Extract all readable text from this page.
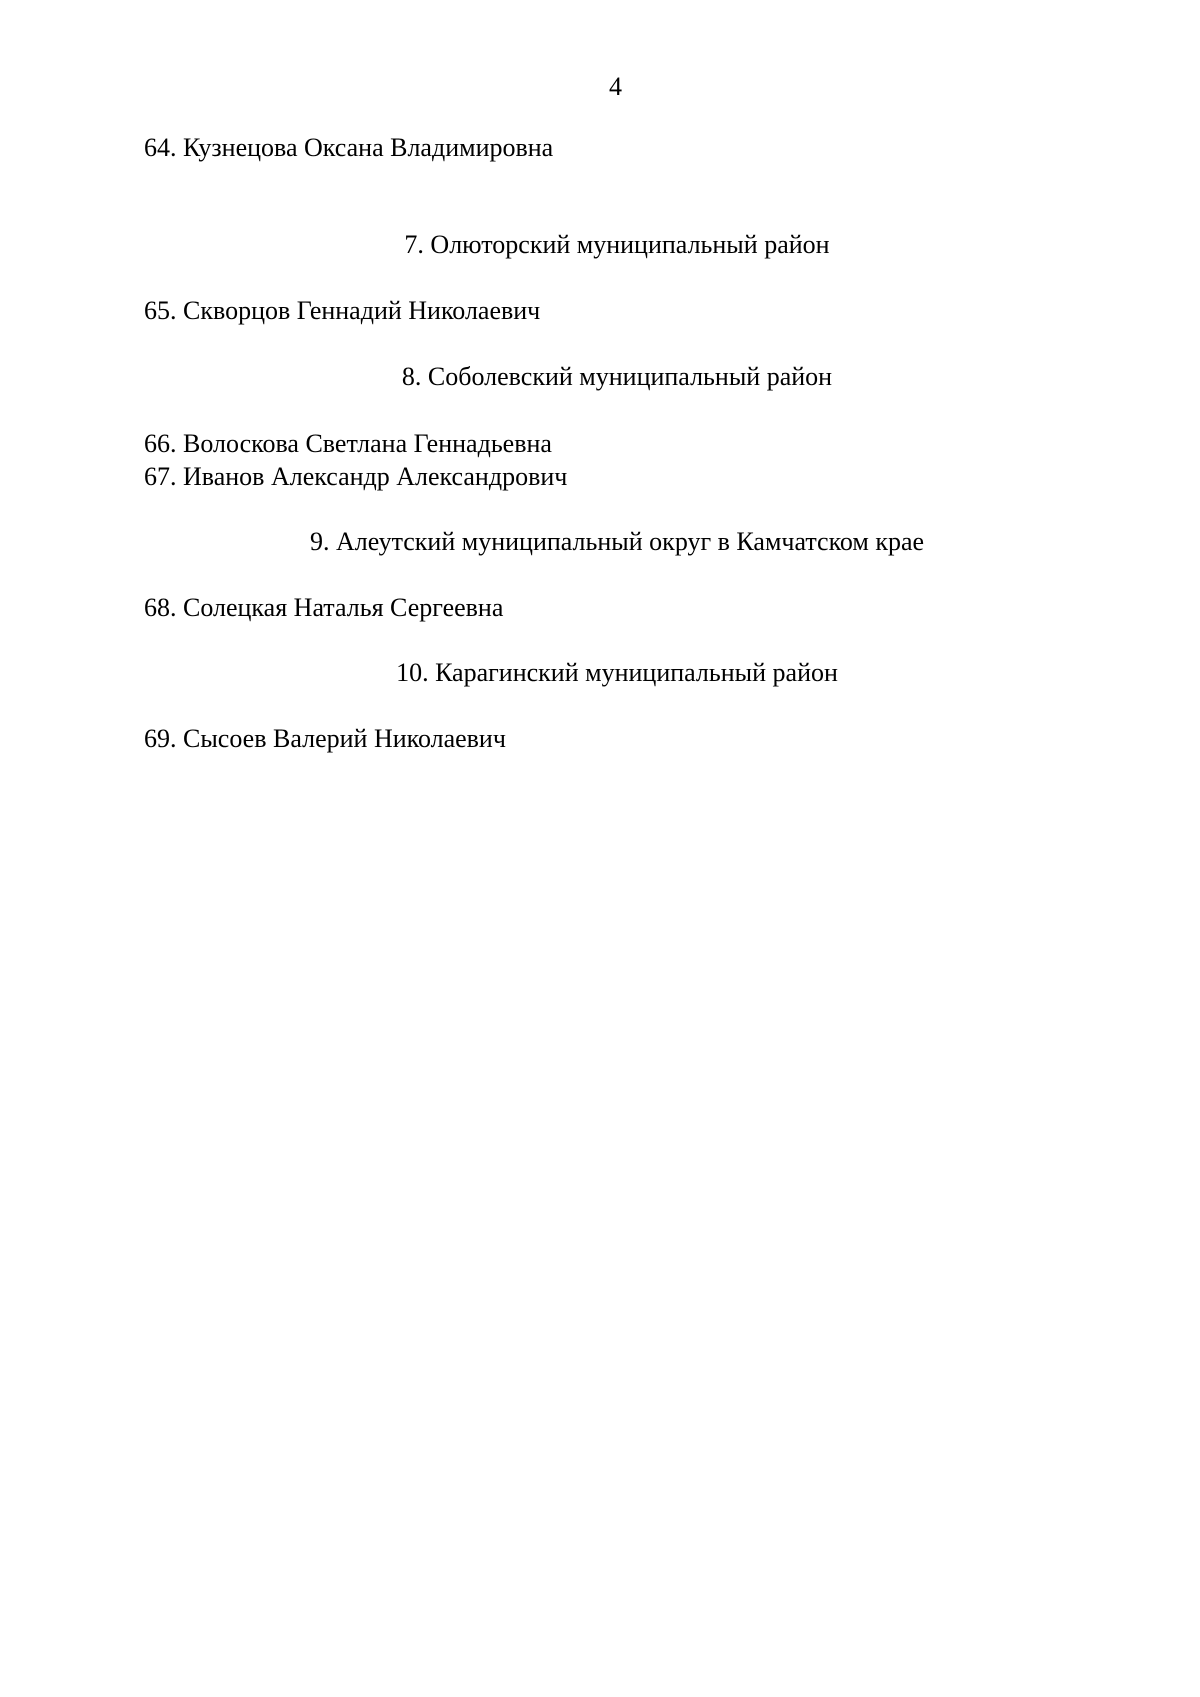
4
64. Кузнецова Оксана Владимировна
7. Олюторский муниципальный район
65. Скворцов Геннадий Николаевич
8. Соболевский муниципальный район
66. Волоскова Светлана Геннадьевна
67. Иванов Александр Александрович
9. Алеутский муниципальный округ в Камчатском крае
68. Солецкая Наталья Сергеевна
10. Карагинский муниципальный район
69. Сысоев Валерий Николаевич
